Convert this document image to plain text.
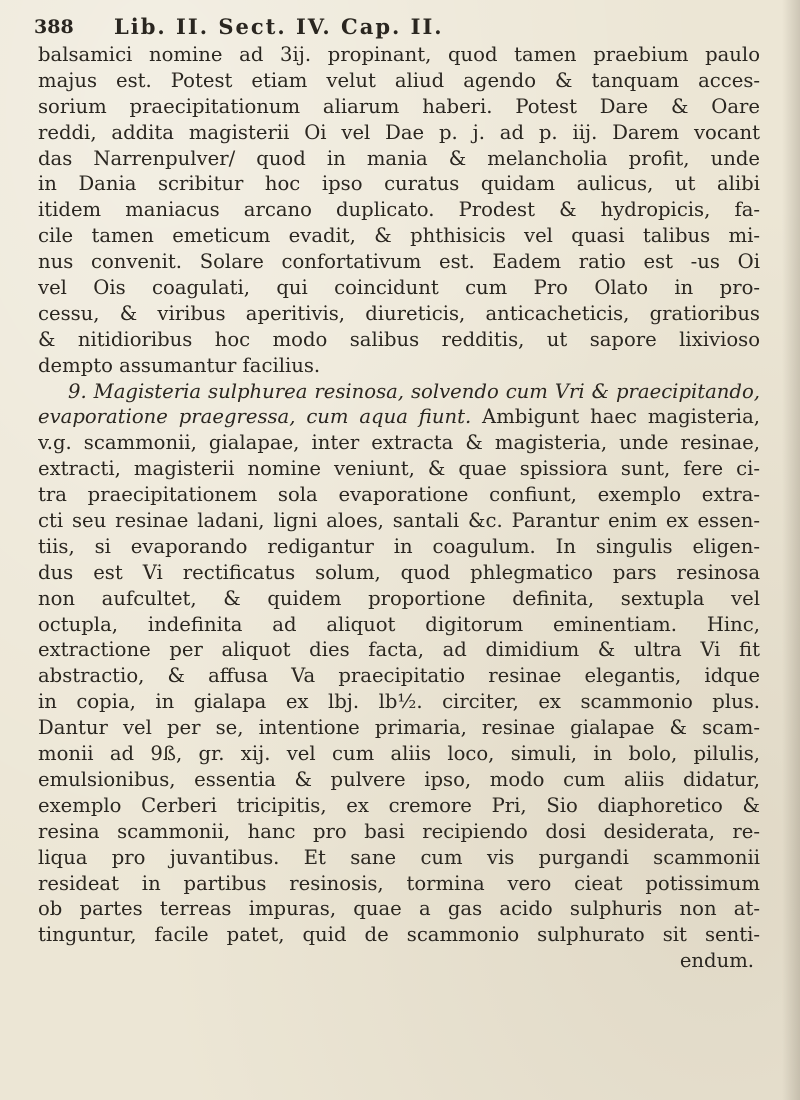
388 Lib. II. Sect. IV. Cap. II.
balsamici nomine ad 3ij. propinant, quod tamen praebium paulo
majus est. Potest etiam velut aliud agendo & tanquam acces-
sorium praecipitationum aliarum haberi. Potest Dare & Oare
reddi, addita magisterii Oi vel Dae p. j. ad p. iij. Darem vocant
das Narrenpulver/ quod in mania & melancholia profit, unde
in Dania scribitur hoc ipso curatus quidam aulicus, ut alibi
itidem maniacus arcano duplicato. Prodest & hydropicis, fa-
cile tamen emeticum evadit, & phthisicis vel quasi talibus mi-
nus convenit. Solare confortativum est. Eadem ratio est -us Oi
vel Ois coagulati, qui coincidunt cum Pro Olato in pro-
cessu, & viribus aperitivis, diureticis, anticacheticis, gratioribus
& nitidioribus hoc modo salibus redditis, ut sapore lixivioso
dempto assumantur facilius.
9. Magisteria sulphurea resinosa, solvendo cum Vri & praecipitando,
evaporatione praegressa, cum aqua fiunt. Ambigunt haec magisteria,
v.g. scammonii, gialapae, inter extracta & magisteria, unde resinae,
extracti, magisterii nomine veniunt, & quae spissiora sunt, fere ci-
tra praecipitationem sola evaporatione confiunt, exemplo extra-
cti seu resinae ladani, ligni aloes, santali &c. Parantur enim ex essen-
tiis, si evaporando redigantur in coagulum. In singulis eligen-
dus est Vi rectificatus solum, quod phlegmatico pars resinosa
non aufcultet, & quidem proportione definita, sextupla vel
octupla, indefinita ad aliquot digitorum eminentiam. Hinc,
extractione per aliquot dies facta, ad dimidium & ultra Vi fit
abstractio, & affusa Va praecipitatio resinae elegantis, idque
in copia, in gialapa ex lbj. lb½. circiter, ex scammonio plus.
Dantur vel per se, intentione primaria, resinae gialapae & scam-
monii ad 9ß, gr. xij. vel cum aliis loco, simuli, in bolo, pilulis,
emulsionibus, essentia & pulvere ipso, modo cum aliis didatur,
exemplo Cerberi tricipitis, ex cremore Pri, Sio diaphoretico &
resina scammonii, hanc pro basi recipiendo dosi desiderata, re-
liqua pro juvantibus. Et sane cum vis purgandi scammonii
resideat in partibus resinosis, tormina vero cieat potissimum
ob partes terreas impuras, quae a gas acido sulphuris non at-
tinguntur, facile patet, quid de scammonio sulphurato sit senti-
endum.
